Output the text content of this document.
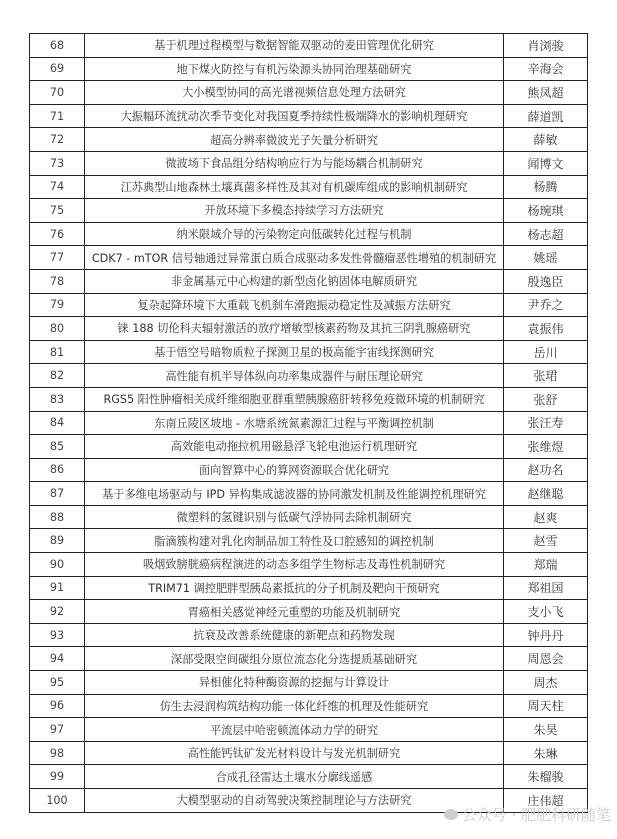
68	基于机理过程模型与数据智能双驱动的麦田管理优化研究	肖浏骏
69	地下煤火防控与有机污染源头协同治理基础研究	辛海会
70	大小模型协同的高光谱视频信息处理方法研究	熊凤超
71	大振幅环流扰动次季节变化对我国夏季持续性极端降水的影响机理研究	薛道凯
72	超高分辨率微波光子矢量分析研究	薛敏
73	微波场下食品组分结构响应行为与能场耦合机制研究	闻博文
74	江苏典型山地森林土壤真菌多样性及其对有机碳库组成的影响机制研究	杨腾
75	开放环境下多模态持续学习方法研究	杨琬琪
76	纳米限域介导的污染物定向低碳转化过程与机制	杨志超
77	CDK7 - mTOR 信号轴通过异常蛋白质合成驱动多发性骨髓瘤恶性增殖的机制研究	姚瑶
78	非金属基元中心构建的新型卤化钠固体电解质研究	殷逸臣
79	复杂起降环境下大重载飞机刹车滑跑振动稳定性及减振方法研究	尹乔之
80	铼 188 切伦科夫辐射激活的放疗增敏型核素药物及其抗三阴乳腺癌研究	袁振伟
81	基于悟空号暗物质粒子探测卫星的极高能宇宙线探测研究	岳川
82	高性能有机半导体纵向功率集成器件与耐压理论研究	张珺
83	RGS5 阳性肿瘤相关成纤维细胞亚群重塑胰腺癌肝转移免疫微环境的机制研究	张舒
84	东南丘陵区坡地 - 水塘系统氮素源汇过程与平衡调控机制	张汪寿
85	高效能电动拖拉机用磁悬浮飞轮电池运行机理研究	张维煜
86	面向智算中心的算网资源联合优化研究	赵功名
87	基于多维电场驱动与 IPD 异构集成滤波器的协同激发机制及性能调控机理研究	赵继聪
88	微塑料的氢键识别与低碳气浮协同去除机制研究	赵爽
89	脂滴簇构建对乳化肉制品加工特性及口腔感知的调控机制	赵雪
90	吸烟致膀胱癌病程演进的动态多组学生物标志及毒性机制研究	郑瑞
91	TRIM71 调控肥胖型胰岛素抵抗的分子机制及靶向干预研究	郑祖国
92	胃癌相关感觉神经元重塑的功能及机制研究	支小飞
93	抗衰及改善系统健康的新靶点和药物发现	钟丹丹
94	深部受限空间碳组分原位流态化分选提质基础研究	周恩会
95	异相催化特种酶资源的挖掘与计算设计	周杰
96	仿生去浸润构筑结构功能一体化纤维的机理及性能研究	周天柱
97	平流层中哈密顿流体动力学的研究	朱昊
98	高性能钙钛矿发光材料设计与发光机制研究	朱琳
99	合成孔径雷达土壤水分廓线遥感	朱榴骏
100	大模型驱动的自动驾驶决策控制理论与方法研究	庄伟超
公众号 · 肥肥科研随笔
